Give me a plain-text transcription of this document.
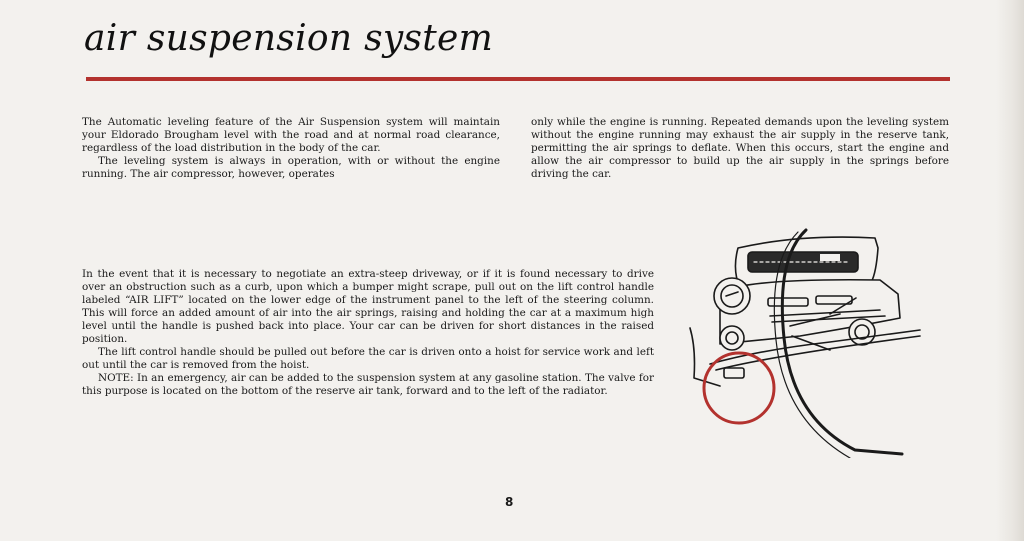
air suspension system

The Automatic leveling feature of the Air Suspension system will maintain your Eldorado Brougham level with the road and at normal road clearance, regardless of the load distribution in the body of the car.

The leveling system is always in operation, with or without the engine running. The air compressor, however, operates

only while the engine is running. Repeated demands upon the leveling system without the engine running may exhaust the air supply in the reserve tank, permitting the air springs to deflate. When this occurs, start the engine and allow the air compressor to build up the air supply in the springs before driving the car.

In the event that it is necessary to negotiate an extra-steep driveway, or if it is found necessary to drive over an obstruction such as a curb, upon which a bumper might scrape, pull out on the lift control handle labeled “AIR LIFT” located on the lower edge of the instrument panel to the left of the steering column. This will force an added amount of air into the air springs, raising and holding the car at a maximum high level until the handle is pushed back into place. Your car can be driven for short distances in the raised position.

The lift control handle should be pulled out before the car is driven onto a hoist for service work and left out until the car is removed from the hoist.

NOTE: In an emergency, air can be added to the suspension system at any gasoline station. The valve for this purpose is located on the bottom of the reserve air tank, forward and to the left of the radiator.

8
